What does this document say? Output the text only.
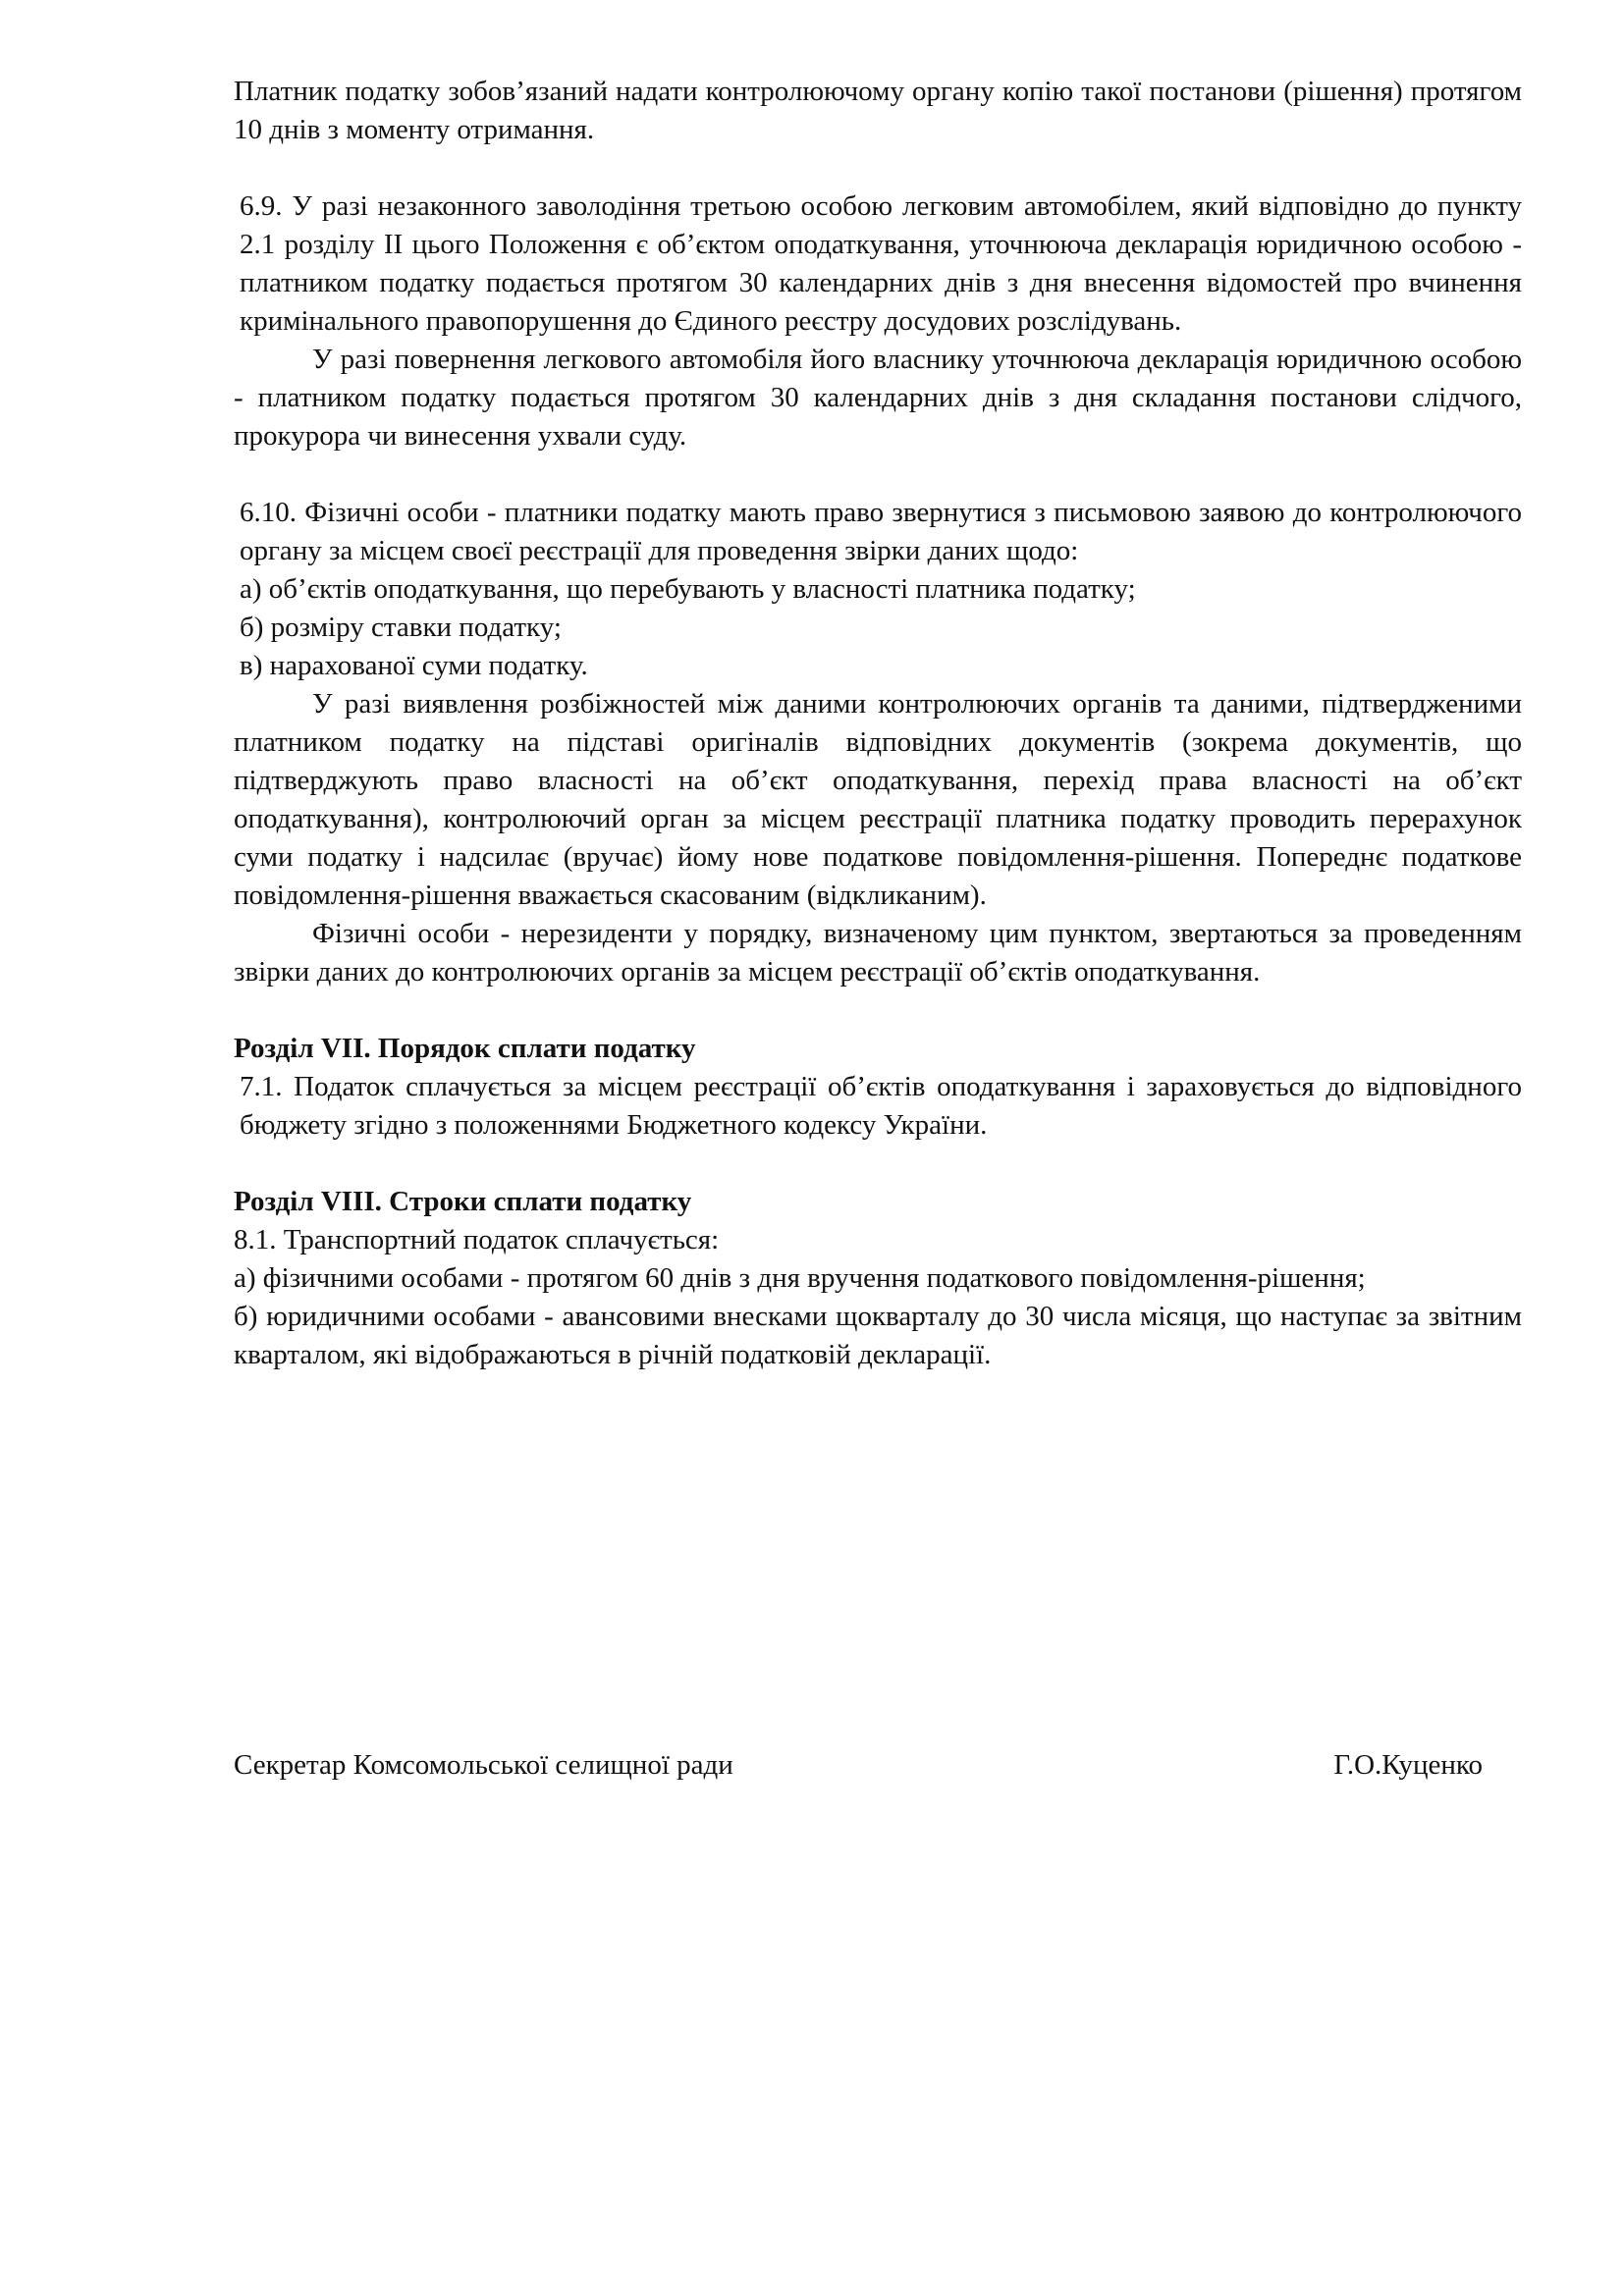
Платник податку зобов’язаний надати контролюючому органу копію такої постанови (рішення) протягом 10 днів з моменту отримання.

6.9. У разі незаконного заволодіння третьою особою легковим автомобілем, який відповідно до пункту 2.1 розділу ІІ цього Положення є об’єктом оподаткування, уточнююча декларація юридичною особою - платником податку подається протягом 30 календарних днів з дня внесення відомостей про вчинення кримінального правопорушення до Єдиного реєстру досудових розслідувань.

У разі повернення легкового автомобіля його власнику уточнююча декларація юридичною особою - платником податку подається протягом 30 календарних днів з дня складання постанови слідчого, прокурора чи винесення ухвали суду.

6.10. Фізичні особи - платники податку мають право звернутися з письмовою заявою до контролюючого органу за місцем своєї реєстрації для проведення звірки даних щодо:

а) об’єктів оподаткування, що перебувають у власності платника податку;

б) розміру ставки податку;

в) нарахованої суми податку.

У разі виявлення розбіжностей між даними контролюючих органів та даними, підтвердженими платником податку на підставі оригіналів відповідних документів (зокрема документів, що підтверджують право власності на об’єкт оподаткування, перехід права власності на об’єкт оподаткування), контролюючий орган за місцем реєстрації платника податку проводить перерахунок суми податку і надсилає (вручає) йому нове податкове повідомлення-рішення. Попереднє податкове повідомлення-рішення вважається скасованим (відкликаним).

Фізичні особи - нерезиденти у порядку, визначеному цим пунктом, звертаються за проведенням звірки даних до контролюючих органів за місцем реєстрації об’єктів оподаткування.

Розділ VII. Порядок сплати податку

7.1. Податок сплачується за місцем реєстрації об’єктів оподаткування і зараховується до відповідного бюджету згідно з положеннями Бюджетного кодексу України.

Розділ VIII. Строки сплати податку

8.1. Транспортний податок сплачується:

а) фізичними особами - протягом 60 днів з дня вручення податкового повідомлення-рішення;

б) юридичними особами - авансовими внесками щокварталу до 30 числа місяця, що наступає за звітним кварталом, які відображаються в річній податковій декларації.

Секретар Комсомольської селищної ради	Г.О.Куценко
